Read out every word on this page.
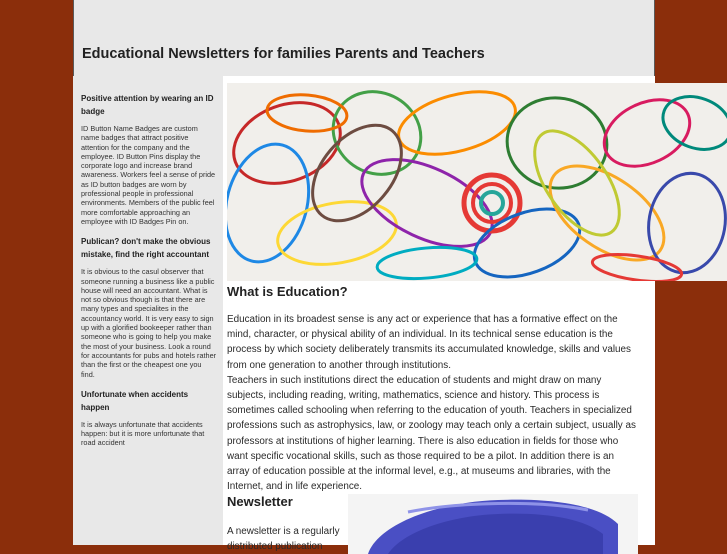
Educational Newsletters for families Parents and Teachers
Positive attention by wearing an ID badge

ID Button Name Badges are custom name badges that attract positive attention for the company and the employee. ID Button Pins display the corporate logo and increase brand awareness. Workers feel a sense of pride as ID button badges are worn by professional people in professional environments. Members of the public feel more comfortable approaching an employee with ID Badges Pin on.

Publican? don't make the obvious mistake, find the right accountant

It is obvious to the casul observer that someone running a business like a public house will need an accountant. What is not so obvious though is that there are many types and specialites in the accountancy world. It is very easy to sign up with a glorified bookeeper rather than someone who is going to help you make the most of your business. Look a round for accountants for pubs and hotels rather than the first or the cheapest one you find.

Unfortunate when accidents happen

It is always unfortunate that accidents happen: but it is more unfortunate that road accident

What is Education?

Education in its broadest sense is any act or experience that has a formative effect on the mind, character, or physical ability of an individual. In its technical sense education is the process by which society deliberately transmits its accumulated knowledge, skills and values from one generation to another through institutions.

Teachers in such institutions direct the education of students and might draw on many subjects, including reading, writing, mathematics, science and history. This process is sometimes called schooling when referring to the education of youth. Teachers in specialized professions such as astrophysics, law, or zoology may teach only a certain subject, usually as professors at institutions of higher learning. There is also education in fields for those who want specific vocational skills, such as those required to be a pilot. In addition there is an array of education possible at the informal level, e.g., at museums and libraries, with the Internet, and in life experience.

Newsletter
A newsletter is a regularly distributed publication
